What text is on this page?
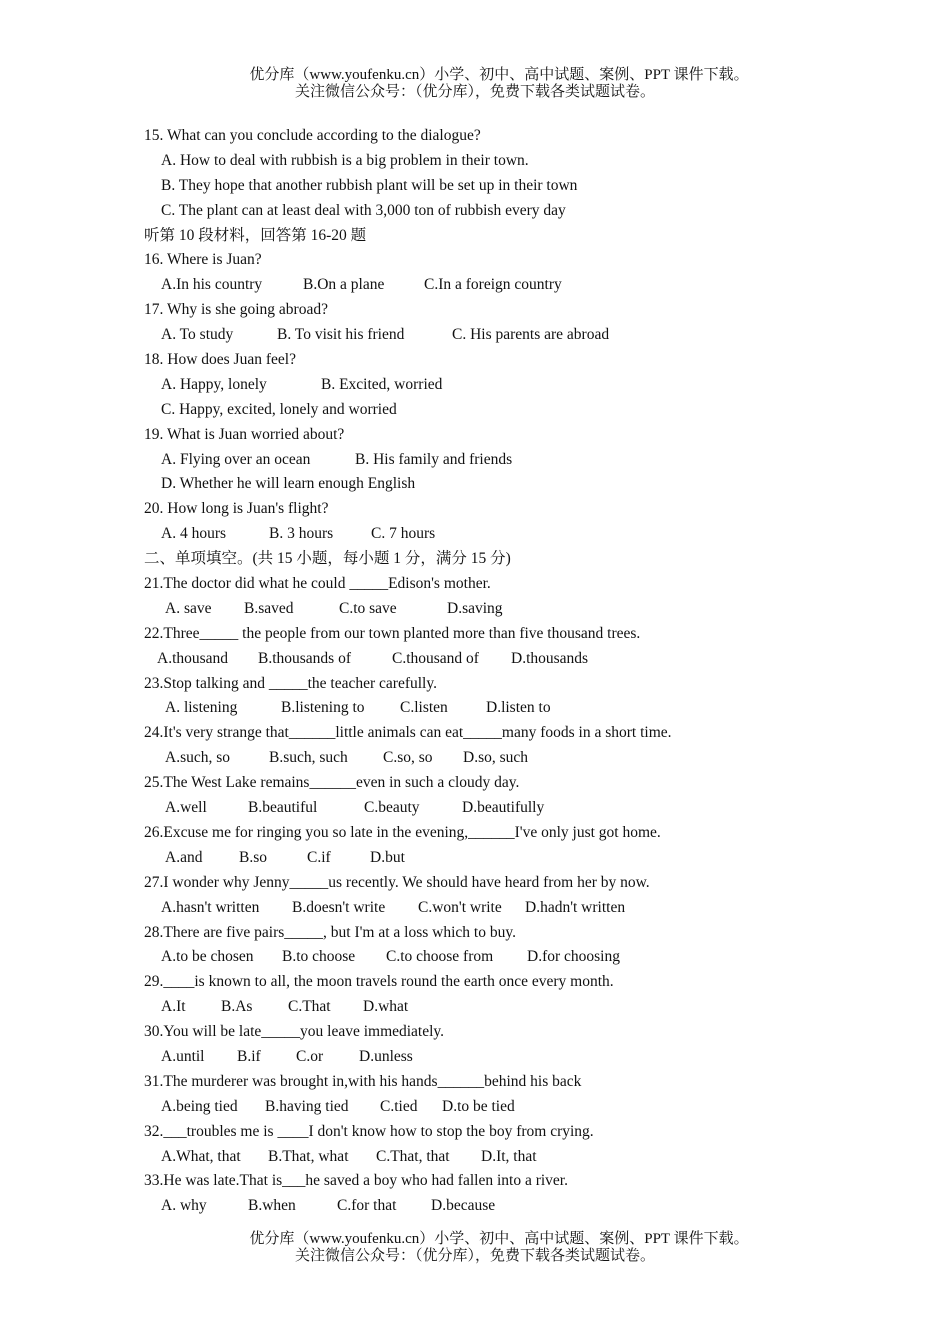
优分库（www.youfenku.cn）小学、初中、高中试题、案例、PPT 课件下载。
关注微信公众号：（优分库），免费下载各类试题试卷。
15. What can you conclude according to the dialogue?
A. How to deal with rubbish is a big problem in their town.
B. They hope that another rubbish plant will be set up in their town
C. The plant can at least deal with 3,000 ton of rubbish every day
听第 10 段材料，回答第 16-20 题
16. Where is Juan?
A.In his country	B.On a plane	C.In a foreign country
17. Why is she going abroad?
A. To study	B. To visit his friend	C. His parents are abroad
18. How does Juan feel?
A. Happy, lonely	B. Excited, worried
C. Happy, excited, lonely and worried
19. What is Juan worried about?
A. Flying over an ocean	B. His family and friends
D. Whether he will learn enough English
20. How long is Juan's flight?
A. 4 hours	B. 3 hours C. 7 hours
二、单项填空。(共 15 小题，每小题 1 分，满分 15 分)
21.The doctor did what he could _____Edison's mother.
A. save B.saved	C.to save	D.saving
22.Three_____ the people from our town planted more than five thousand trees.
A.thousand B.thousands of	C.thousand of D.thousands
23.Stop talking and _____the teacher carefully.
A. listening	B.listening to C.listen D.listen to
24.It's very strange that______little animals can eat_____many foods in a short time.
A.such, so	B.such, such C.so, so D.so, such
25.The West Lake remains______even in such a cloudy day.
A.well	B.beautiful	C.beauty	D.beautifully
26.Excuse me for ringing you so late in the evening,______I've only just got home.
A.and B.so	C.if	D.but
27.I wonder why Jenny_____us recently. We should have heard from her by now.
A.hasn't written B.doesn't write C.won't write D.hadn't written
28.There are five pairs_____, but I'm at a loss which to buy.
A.to be chosen B.to choose C.to choose from D.for choosing
29.____is known to all, the moon travels round the earth once every month.
A.It B.As C.That D.what
30.You will be late_____you leave immediately.
A.until B.if C.or D.unless
31.The murderer was brought in,with his hands______behind his back
A.being tied B.having tied C.tied D.to be tied
32.___troubles me is ____I don't know how to stop the boy from crying.
A.What, that B.That, what C.That, that D.It, that
33.He was late.That is___he saved a boy who had fallen into a river.
A. why	B.when	C.for that D.because
优分库（www.youfenku.cn）小学、初中、高中试题、案例、PPT 课件下载。
关注微信公众号：（优分库），免费下载各类试题试卷。
